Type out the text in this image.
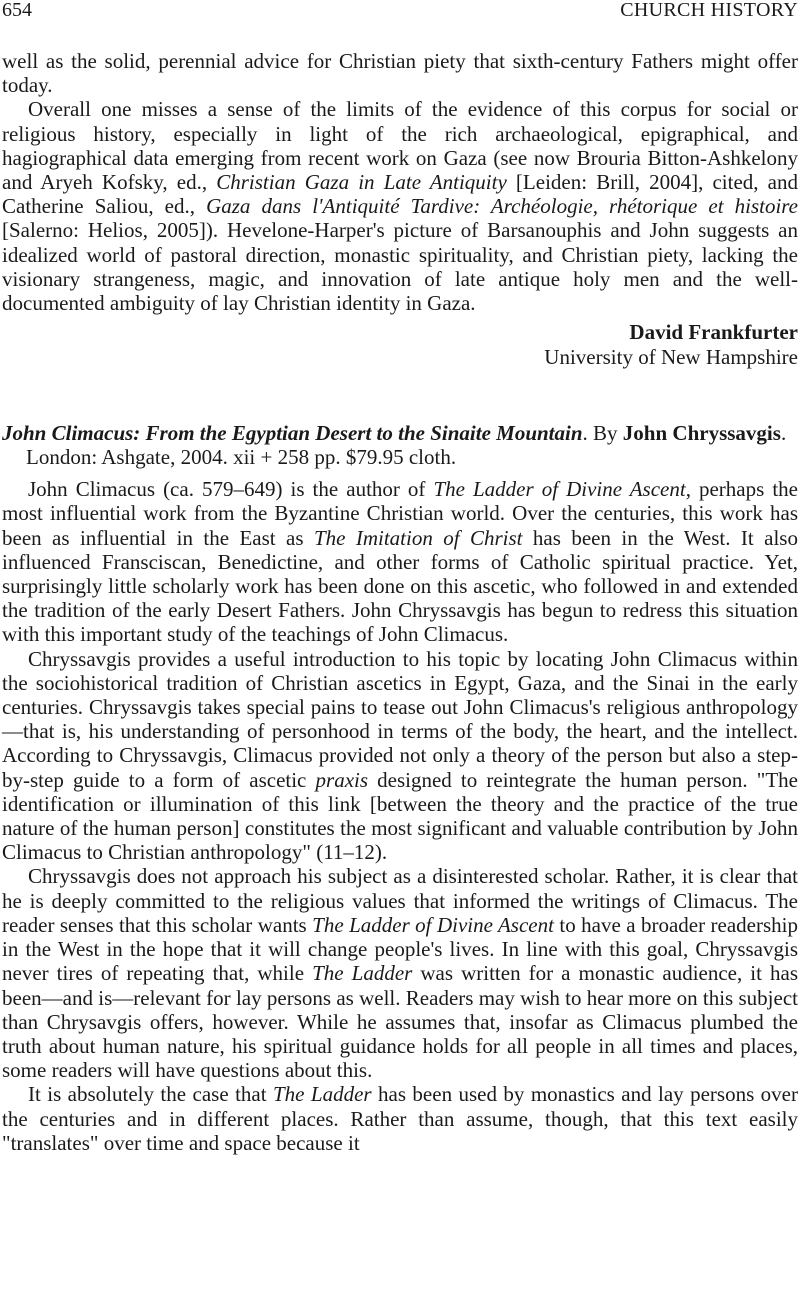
654	CHURCH HISTORY

well as the solid, perennial advice for Christian piety that sixth-century Fathers might offer today.

Overall one misses a sense of the limits of the evidence of this corpus for social or religious history, especially in light of the rich archaeological, epigraphical, and hagiographical data emerging from recent work on Gaza (see now Brouria Bitton-Ashkelony and Aryeh Kofsky, ed., Christian Gaza in Late Antiquity [Leiden: Brill, 2004], cited, and Catherine Saliou, ed., Gaza dans l'Antiquité Tardive: Archéologie, rhétorique et histoire [Salerno: Helios, 2005]). Hevelone-Harper's picture of Barsanouphis and John suggests an idealized world of pastoral direction, monastic spirituality, and Christian piety, lacking the visionary strangeness, magic, and innovation of late antique holy men and the well-documented ambiguity of lay Christian identity in Gaza.

David Frankfurter
University of New Hampshire
John Climacus: From the Egyptian Desert to the Sinaite Mountain. By John Chryssavgis. London: Ashgate, 2004. xii + 258 pp. $79.95 cloth.

John Climacus (ca. 579–649) is the author of The Ladder of Divine Ascent, perhaps the most influential work from the Byzantine Christian world. Over the centuries, this work has been as influential in the East as The Imitation of Christ has been in the West. It also influenced Fransciscan, Benedictine, and other forms of Catholic spiritual practice. Yet, surprisingly little scholarly work has been done on this ascetic, who followed in and extended the tradition of the early Desert Fathers. John Chryssavgis has begun to redress this situation with this important study of the teachings of John Climacus.

Chryssavgis provides a useful introduction to his topic by locating John Climacus within the sociohistorical tradition of Christian ascetics in Egypt, Gaza, and the Sinai in the early centuries. Chryssavgis takes special pains to tease out John Climacus's religious anthropology—that is, his understanding of personhood in terms of the body, the heart, and the intellect. According to Chryssavgis, Climacus provided not only a theory of the person but also a step-by-step guide to a form of ascetic praxis designed to reintegrate the human person. "The identification or illumination of this link [between the theory and the practice of the true nature of the human person] constitutes the most significant and valuable contribution by John Climacus to Christian anthropology" (11–12).

Chryssavgis does not approach his subject as a disinterested scholar. Rather, it is clear that he is deeply committed to the religious values that informed the writings of Climacus. The reader senses that this scholar wants The Ladder of Divine Ascent to have a broader readership in the West in the hope that it will change people's lives. In line with this goal, Chryssavgis never tires of repeating that, while The Ladder was written for a monastic audience, it has been—and is—relevant for lay persons as well. Readers may wish to hear more on this subject than Chrysavgis offers, however. While he assumes that, insofar as Climacus plumbed the truth about human nature, his spiritual guidance holds for all people in all times and places, some readers will have questions about this.

It is absolutely the case that The Ladder has been used by monastics and lay persons over the centuries and in different places. Rather than assume, though, that this text easily "translates" over time and space because it
